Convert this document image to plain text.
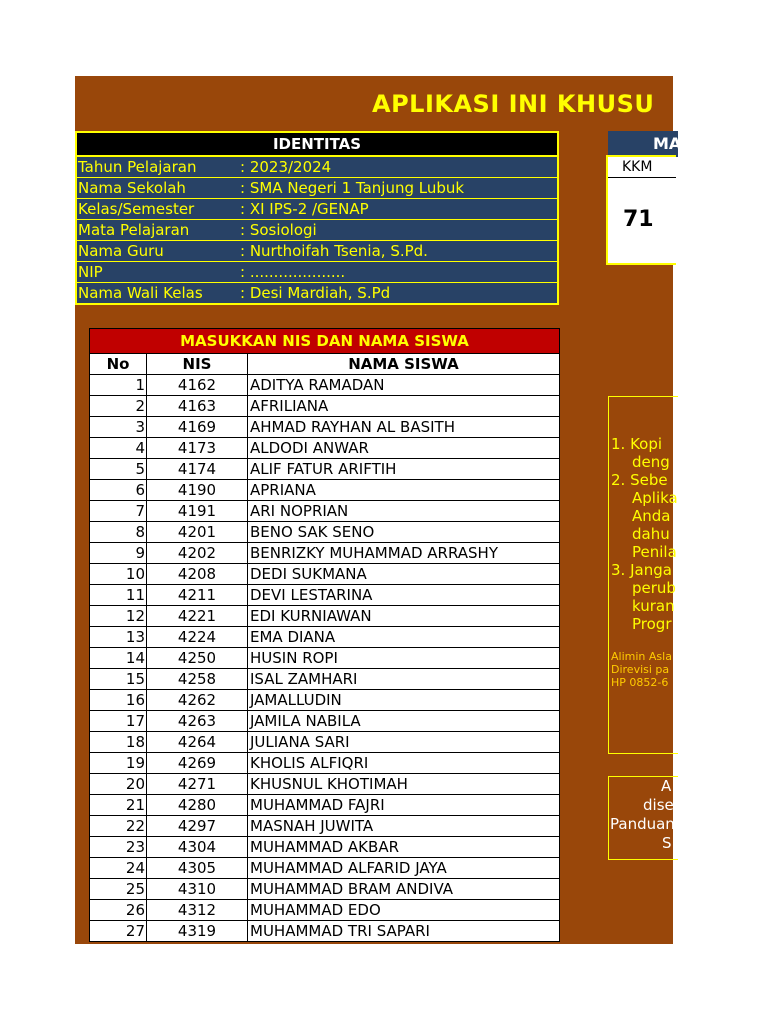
APLIKASI INI KHUSU
IDENTITAS
Tahun Pelajaran	: 2023/2024
Nama Sekolah	: SMA Negeri 1 Tanjung Lubuk
Kelas/Semester	: XI IPS-2 /GENAP
Mata Pelajaran	: Sosiologi
Nama Guru	: Nurthoifah Tsenia, S.Pd.
NIP	: ....................
Nama Wali Kelas	: Desi Mardiah, S.Pd
MASUKKAN NIS DAN NAMA SISWA		
No	NIS	NAMA SISWA
1	4162	ADITYA RAMADAN
2	4163	AFRILIANA
3	4169	AHMAD RAYHAN AL BASITH
4	4173	ALDODI ANWAR
5	4174	ALIF FATUR ARIFTIH
6	4190	APRIANA
7	4191	ARI NOPRIAN
8	4201	BENO SAK SENO
9	4202	BENRIZKY MUHAMMAD ARRASHY
10	4208	DEDI SUKMANA
11	4211	DEVI LESTARINA
12	4221	EDI KURNIAWAN
13	4224	EMA DIANA
14	4250	HUSIN ROPI
15	4258	ISAL ZAMHARI
16	4262	JAMALLUDIN
17	4263	JAMILA NABILA
18	4264	JULIANA SARI
19	4269	KHOLIS ALFIQRI
20	4271	KHUSNUL KHOTIMAH
21	4280	MUHAMMAD FAJRI
22	4297	MASNAH JUWITA
23	4304	MUHAMMAD AKBAR
24	4305	MUHAMMAD ALFARID JAYA
25	4310	MUHAMMAD BRAM ANDIVA
26	4312	MUHAMMAD EDO
27	4319	MUHAMMAD TRI SAPARI
MA
KKM
71
1. Kopi
deng
2. Sebe
Aplika
Anda
dahu
Penila
3. Janga
perub
kuran
Progr
Alimin Asla
Direvisi pa
HP 0852-6
A
dise
Panduan
S
